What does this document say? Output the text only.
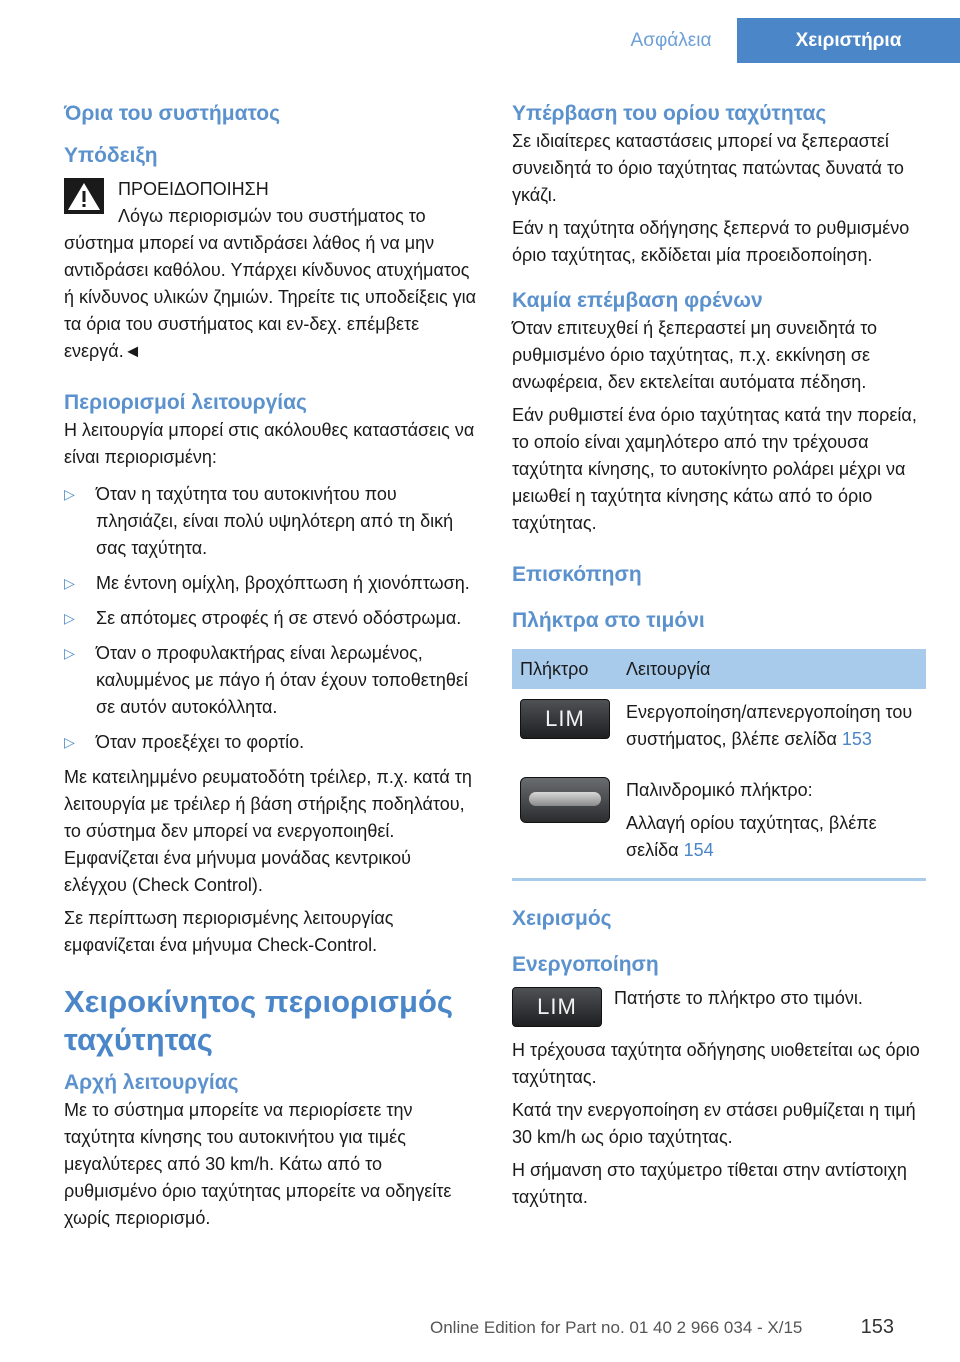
Ασφάλεια	Χειριστήρια
Όρια του συστήματος
Υπόδειξη

ΠΡΟΕΙΔΟΠΟΙΗΣΗ

Λόγω περιορισμών του συστήματος το

σύστημα μπορεί να αντιδράσει λάθος ή να μην αντιδράσει καθόλου. Υπάρχει κίνδυνος ατυχήματος ή κίνδυνος υλικών ζημιών. Τηρείτε τις υποδείξεις για τα όρια του συστήματος και εν-δεχ. επέμβετε ενεργά.◄

Περιορισμοί λειτουργίας

Η λειτουργία μπορεί στις ακόλουθες καταστάσεις να είναι περιορισμένη:

▷	Όταν η ταχύτητα του αυτοκινήτου που πλησιάζει, είναι πολύ υψηλότερη από τη δική σας ταχύτητα.
▷	Με έντονη ομίχλη, βροχόπτωση ή χιονόπτωση.
▷	Σε απότομες στροφές ή σε στενό οδόστρωμα.
▷	Όταν ο προφυλακτήρας είναι λερωμένος, καλυμμένος με πάγο ή όταν έχουν τοποθετηθεί σε αυτόν αυτοκόλλητα.
▷	Όταν προεξέχει το φορτίο.

Με κατειλημμένο ρευματοδότη τρέιλερ, π.χ. κατά τη λειτουργία με τρέιλερ ή βάση στήριξης ποδηλάτου, το σύστημα δεν μπορεί να ενεργοποιηθεί. Εμφανίζεται ένα μήνυμα μονάδας κεντρικού ελέγχου (Check Control).

Σε περίπτωση περιορισμένης λειτουργίας εμφανίζεται ένα μήνυμα Check-Control.

Χειροκίνητος περιορισμός ταχύτητας
Αρχή λειτουργίας

Με το σύστημα μπορείτε να περιορίσετε την ταχύτητα κίνησης του αυτοκινήτου για τιμές μεγαλύτερες από 30 km/h. Κάτω από το ρυθμισμένο όριο ταχύτητας μπορείτε να οδηγείτε χωρίς περιορισμό.

Υπέρβαση του ορίου ταχύτητας

Σε ιδιαίτερες καταστάσεις μπορεί να ξεπεραστεί συνειδητά το όριο ταχύτητας πατώντας δυνατά το γκάζι.

Εάν η ταχύτητα οδήγησης ξεπερνά το ρυθμισμένο όριο ταχύτητας, εκδίδεται μία προειδοποίηση.

Καμία επέμβαση φρένων

Όταν επιτευχθεί ή ξεπεραστεί μη συνειδητά το ρυθμισμένο όριο ταχύτητας, π.χ. εκκίνηση σε ανωφέρεια, δεν εκτελείται αυτόματα πέδηση.

Εάν ρυθμιστεί ένα όριο ταχύτητας κατά την πορεία, το οποίο είναι χαμηλότερο από την τρέχουσα ταχύτητα κίνησης, το αυτοκίνητο ρολάρει μέχρι να μειωθεί η ταχύτητα κίνησης κάτω από το όριο ταχύτητας.

Επισκόπηση
Πλήκτρα στο τιμόνι
Πλήκτρο	Λειτουργία

LIM	Ενεργοποίηση/απενεργοποίηση του συστήματος, βλέπε σελίδα 153

	Παλινδρομικό πλήκτρο:
Αλλαγή ορίου ταχύτητας, βλέπε σελίδα 154
Χειρισμός
Ενεργοποίηση
LIM	Πατήστε το πλήκτρο στο τιμόνι.

Η τρέχουσα ταχύτητα οδήγησης υιοθετείται ως όριο ταχύτητας.

Κατά την ενεργοποίηση εν στάσει ρυθμίζεται η τιμή 30 km/h ως όριο ταχύτητας.

Η σήμανση στο ταχύμετρο τίθεται στην αντίστοιχη ταχύτητα.

Online Edition for Part no. 01 40 2 966 034 - X/15	153
